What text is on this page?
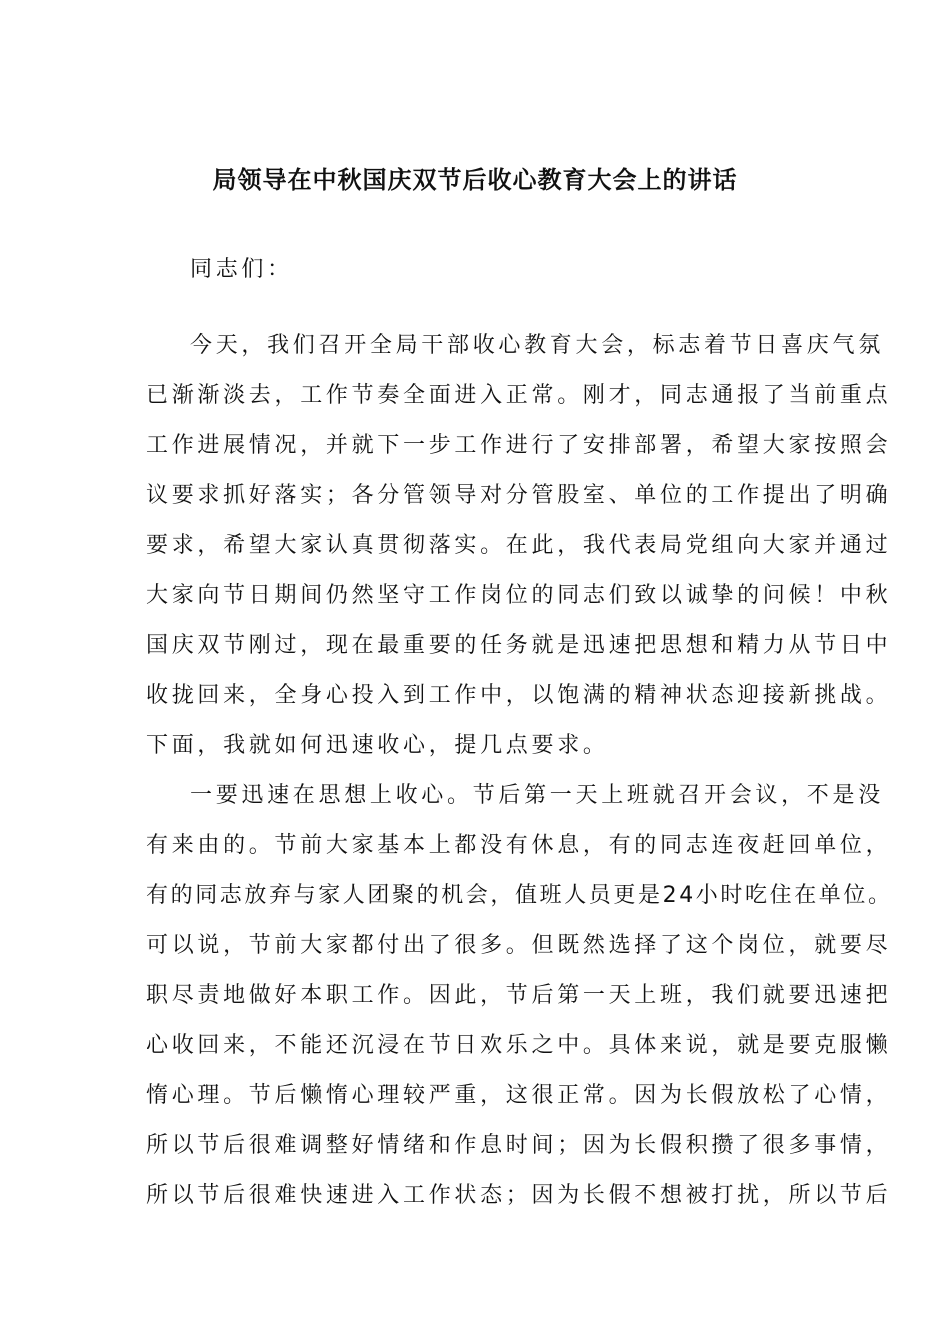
局领导在中秋国庆双节后收心教育大会上的讲话
同志们：
今天，我们召开全局干部收心教育大会，标志着节日喜庆气氛
已渐渐淡去，工作节奏全面进入正常。刚才，同志通报了当前重点
工作进展情况，并就下一步工作进行了安排部署，希望大家按照会
议要求抓好落实；各分管领导对分管股室、单位的工作提出了明确
要求，希望大家认真贯彻落实。在此，我代表局党组向大家并通过
大家向节日期间仍然坚守工作岗位的同志们致以诚挚的问候！中秋
国庆双节刚过，现在最重要的任务就是迅速把思想和精力从节日中
收拢回来，全身心投入到工作中，以饱满的精神状态迎接新挑战。
下面，我就如何迅速收心，提几点要求。
一要迅速在思想上收心。节后第一天上班就召开会议，不是没
有来由的。节前大家基本上都没有休息，有的同志连夜赶回单位，
有的同志放弃与家人团聚的机会，值班人员更是24小时吃住在单位。
可以说，节前大家都付出了很多。但既然选择了这个岗位，就要尽
职尽责地做好本职工作。因此，节后第一天上班，我们就要迅速把
心收回来，不能还沉浸在节日欢乐之中。具体来说，就是要克服懒
惰心理。节后懒惰心理较严重，这很正常。因为长假放松了心情，
所以节后很难调整好情绪和作息时间；因为长假积攒了很多事情，
所以节后很难快速进入工作状态；因为长假不想被打扰，所以节后
